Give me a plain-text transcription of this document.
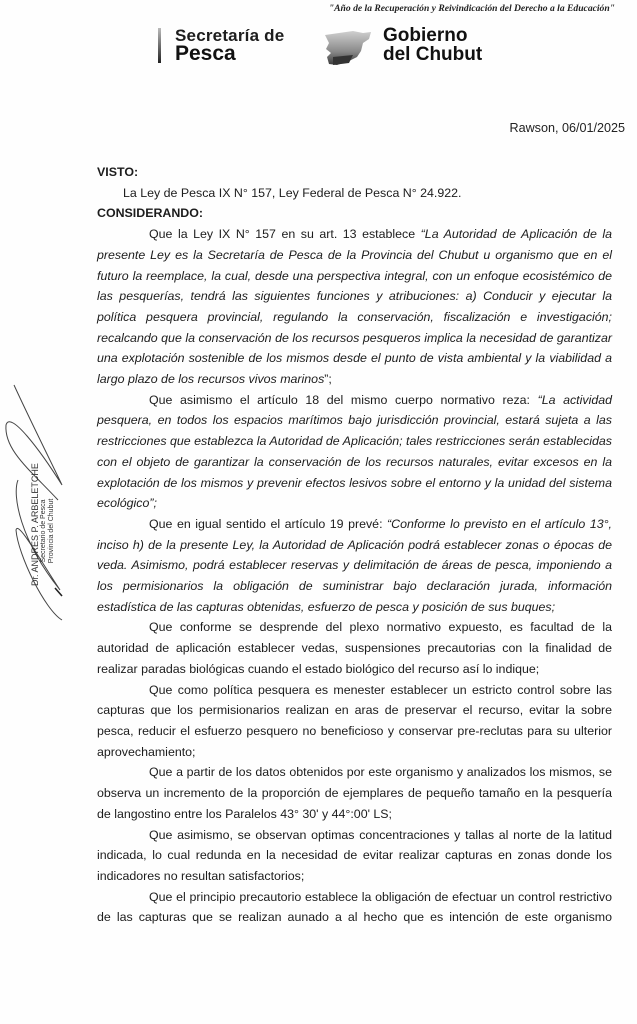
"Año de la Recuperación y Reivindicación del Derecho a la Educación"
Secretaría de
Pesca
Gobierno
del Chubut
Rawson, 06/01/2025

VISTO:

La Ley de Pesca IX N° 157, Ley Federal de Pesca N° 24.922.

CONSIDERANDO:

Que la Ley IX N° 157 en su art. 13 establece “La Autoridad de Aplicación de la presente Ley es la Secretaría de Pesca de la Provincia del Chubut u organismo que en el futuro la reemplace, la cual, desde una perspectiva integral, con un enfoque ecosistémico de las pesquerías, tendrá las siguientes funciones y atribuciones: a) Conducir y ejecutar la política pesquera provincial, regulando la conservación, fiscalización e investigación; recalcando que la conservación de los recursos pesqueros implica la necesidad de garantizar una explotación sostenible de los mismos desde el punto de vista ambiental y la viabilidad a largo plazo de los recursos vivos marinos”;

Que asimismo el artículo 18 del mismo cuerpo normativo reza: “La actividad pesquera, en todos los espacios marítimos bajo jurisdicción provincial, estará sujeta a las restricciones que establezca la Autoridad de Aplicación; tales restricciones serán establecidas con el objeto de garantizar la conservación de los recursos naturales, evitar excesos en la explotación de los mismos y prevenir efectos lesivos sobre el entorno y la unidad del sistema ecológico”;

Que en igual sentido el artículo 19 prevé: “Conforme lo previsto en el artículo 13°, inciso h) de la presente Ley, la Autoridad de Aplicación podrá establecer zonas o épocas de veda. Asimismo, podrá establecer reservas y delimitación de áreas de pesca, imponiendo a los permisionarios la obligación de suministrar bajo declaración jurada, información estadística de las capturas obtenidas, esfuerzo de pesca y posición de sus buques;

Que conforme se desprende del plexo normativo expuesto, es facultad de la autoridad de aplicación establecer vedas, suspensiones precautorias con la finalidad de realizar paradas biológicas cuando el estado biológico del recurso así lo indique;

Que como política pesquera es menester establecer un estricto control sobre las capturas que los permisionarios realizan en aras de preservar el recurso, evitar la sobre pesca, reducir el esfuerzo pesquero no beneficioso y conservar pre-reclutas para su ulterior aprovechamiento;

Que a partir de los datos obtenidos por este organismo y analizados los mismos, se observa un incremento de la proporción de ejemplares de pequeño tamaño en la pesquería de langostino entre los Paralelos 43° 30' y 44°:00' LS;

Que asimismo, se observan optimas concentraciones y tallas al norte de la latitud indicada, lo cual redunda en la necesidad de evitar realizar capturas en zonas donde los indicadores no resultan satisfactorios;

Que el principio precautorio establece la obligación de efectuar un control restrictivo de las capturas que se realizan aunado a al hecho que es intención de este organismo

Dr. ANDRÉS P. ARBELETCHE Secretario de Pesca Provincia del Chubut
